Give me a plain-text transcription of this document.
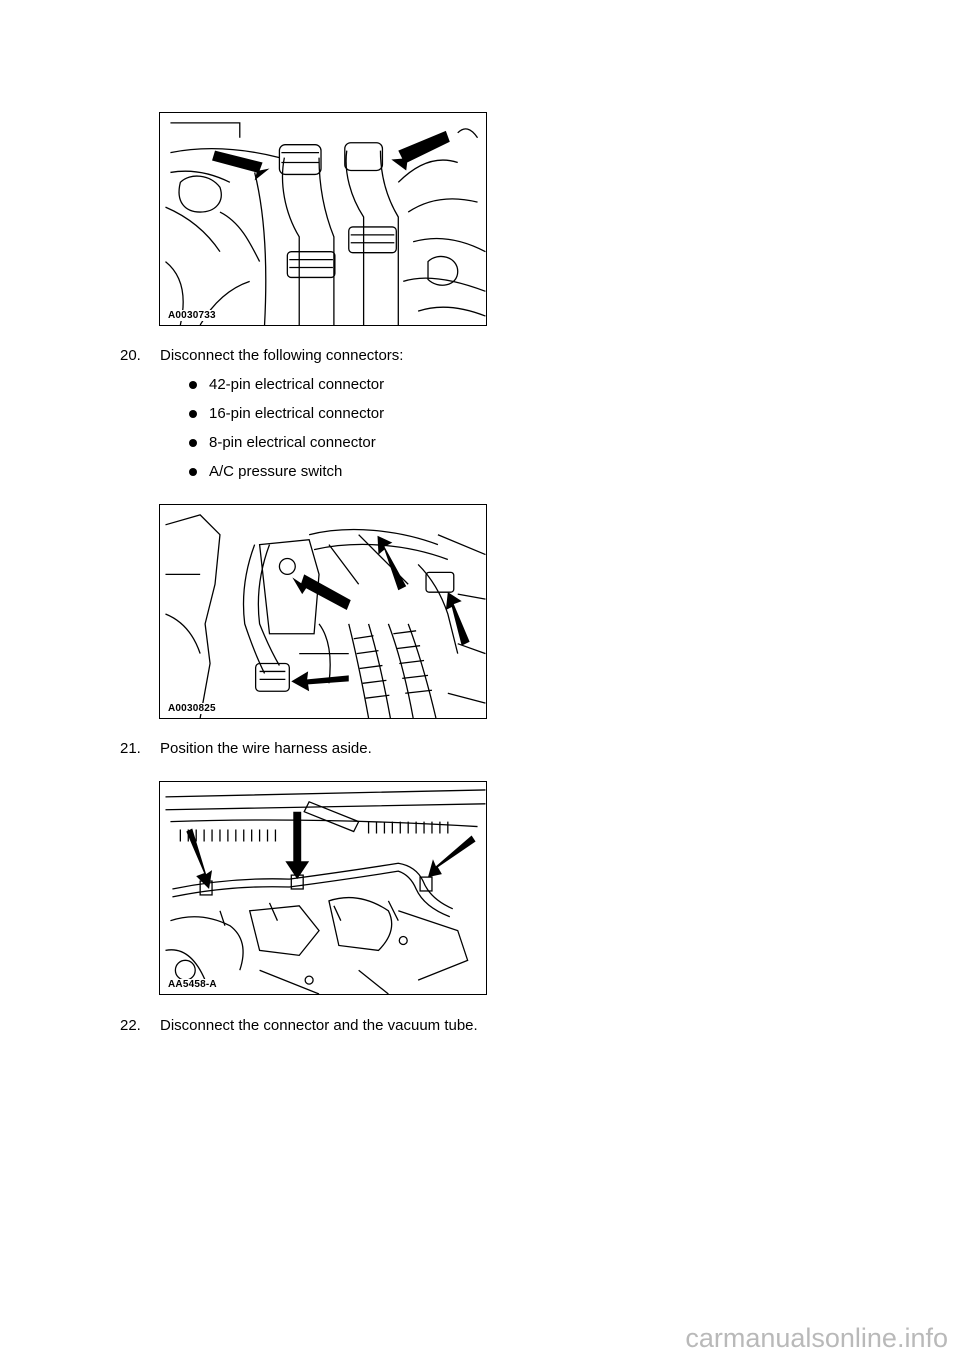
A0030733
20. Disconnect the following connectors:
42-pin electrical connector
16-pin electrical connector
8-pin electrical connector
A/C pressure switch
A0030825
21. Position the wire harness aside.
AA5458-A
22. Disconnect the connector and the vacuum tube.
carmanualsonline.info
